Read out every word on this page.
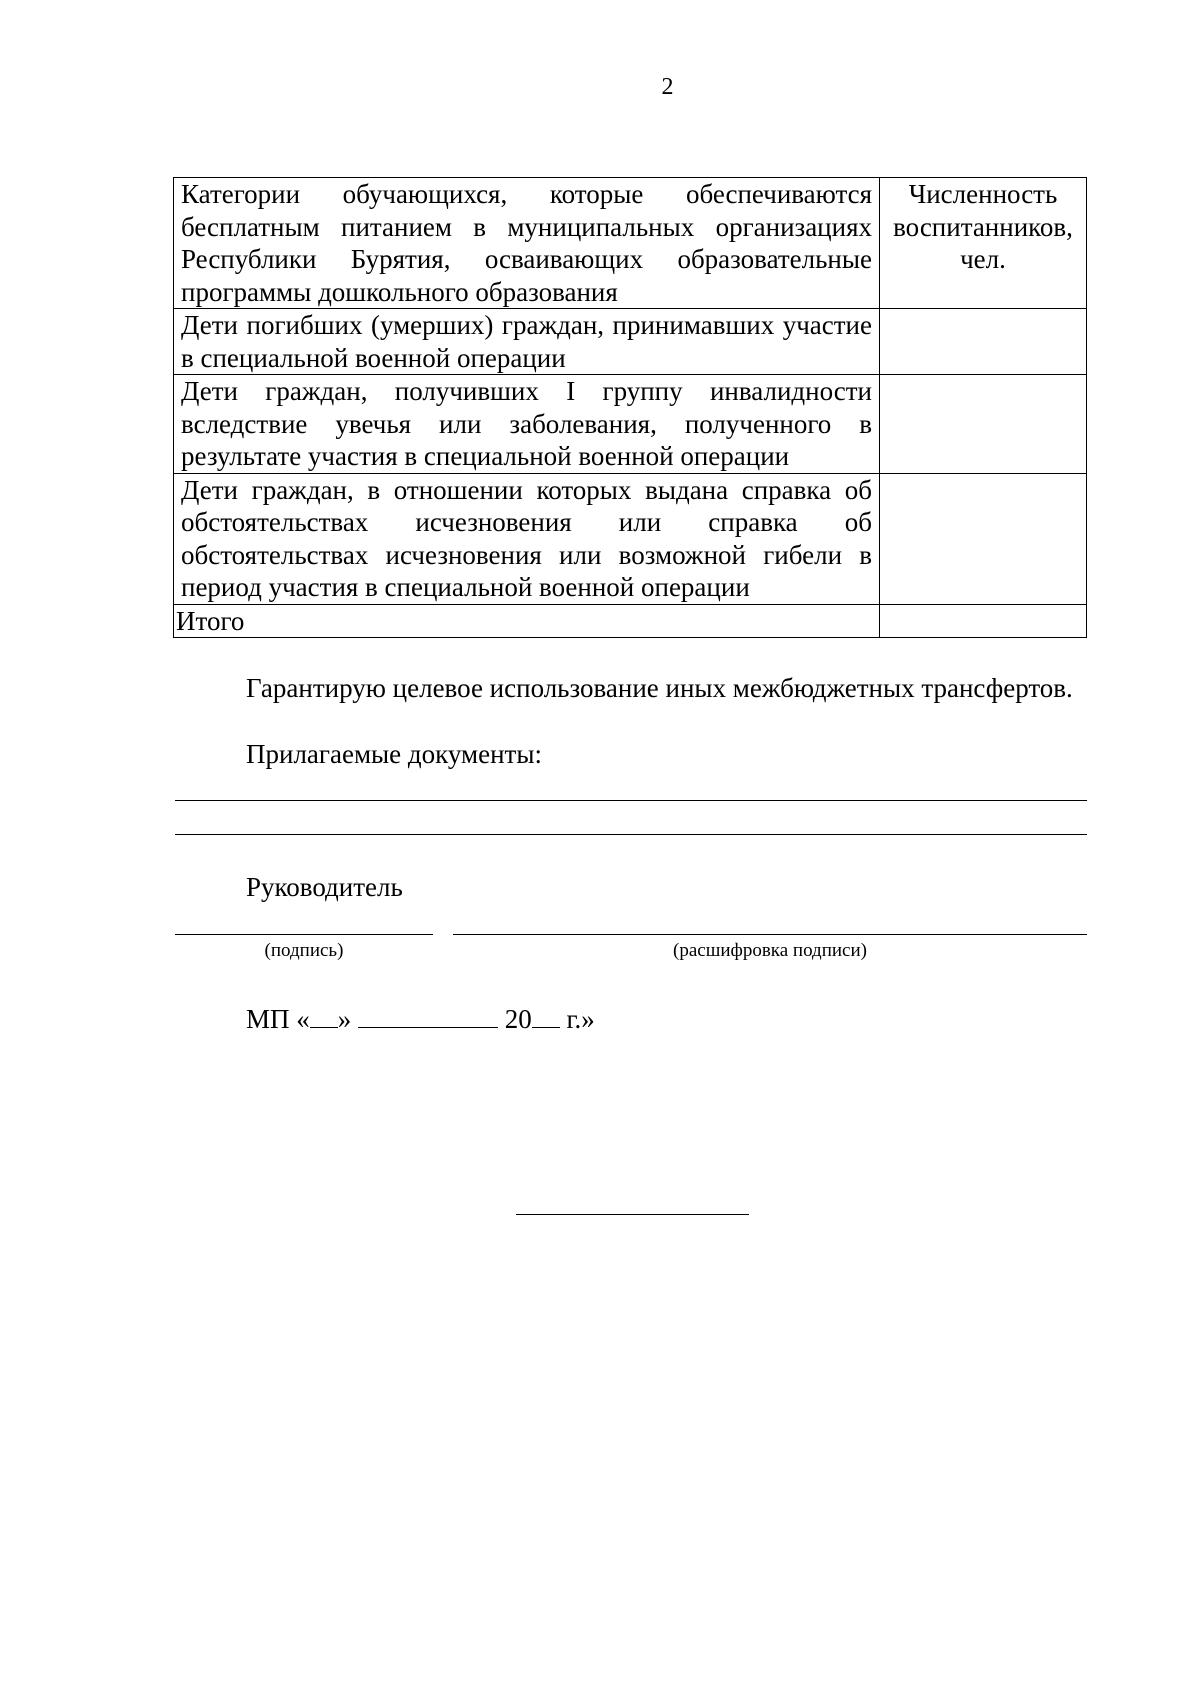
2
Категории обучающихся, которые обеспечиваются бесплатным питанием в муниципальных организациях Республики Бурятия, осваивающих образовательные программы дошкольного образования	Численность воспитанников, чел.
Дети погибших (умерших) граждан, принимавших участие в специальной военной операции	
Дети граждан, получивших I группу инвалидности вследствие увечья или заболевания, полученного в результате участия в специальной военной операции	
Дети граждан, в отношении которых выдана справка об обстоятельствах исчезновения или справка об обстоятельствах исчезновения или возможной гибели в период участия в специальной военной операции	
Итого	
Гарантирую целевое использование иных межбюджетных трансфертов.
Прилагаемые документы:
Руководитель
(подпись)	(расшифровка подписи)
МП « »	20 г.»
